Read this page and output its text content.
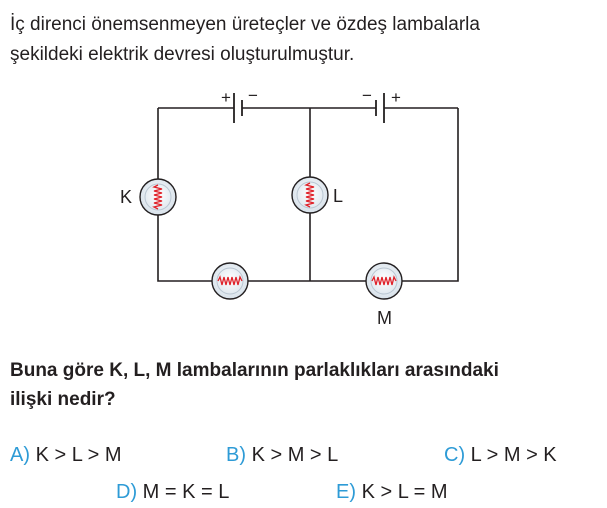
İç direnci önemsenmeyen üreteçler ve özdeş lambalarla
şekildeki elektrik devresi oluşturulmuştur.
+ −	− +
K	L
M
Buna göre K, L, M lambalarının parlaklıkları arasındaki
ilişki nedir?
A) K > L > M	B) K > M > L	C) L > M > K
D) M = K = L	E) K > L = M
